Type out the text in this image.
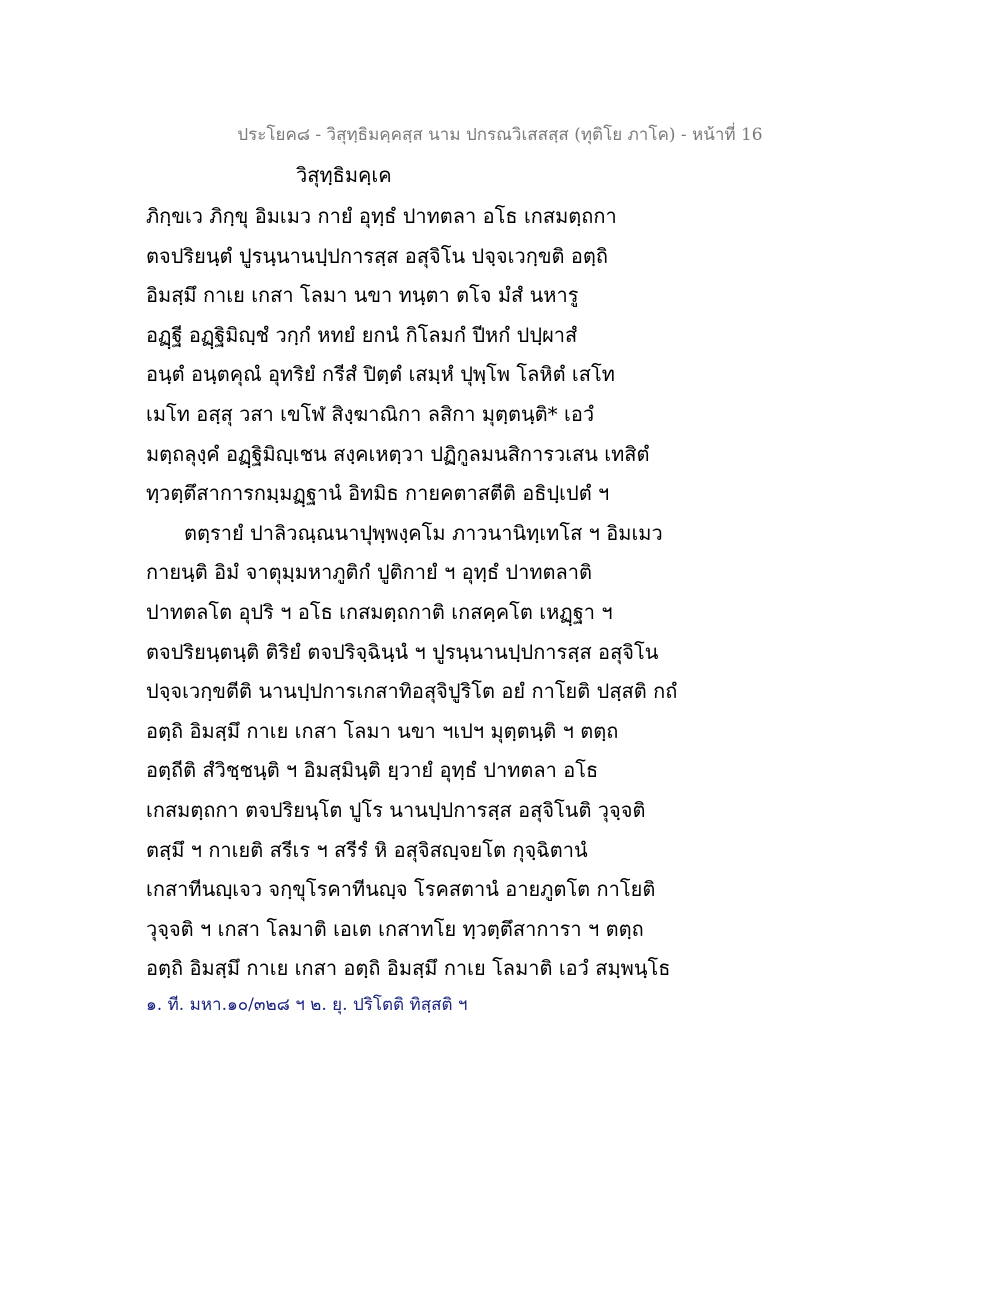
ประโยค๘ - วิสุทฺธิมคฺคสฺส นาม ปกรณวิเสสสฺส (ทุติโย ภาโค) - หน้าที่ 16
วิสุทฺธิมคฺเค
ภิกฺขเว ภิกฺขุ อิมเมว กายํ อุทฺธํ ปาทตลา อโธ เกสมตฺถกา
ตจปริยนฺตํ ปูรนฺนานปฺปการสฺส อสุจิโน ปจฺจเวกฺขติ อตฺถิ
อิมสฺมึ กาเย เกสา โลมา นขา ทนฺตา ตโจ มํสํ นหารู
อฏฺฐี อฏฺฐิมิญฺชํ วกฺกํ หทยํ ยกนํ กิโลมกํ ปีหกํ ปปฺผาสํ
อนฺตํ อนฺตคุณํ อุทริยํ กรีสํ ปิตฺตํ เสมฺหํ ปุพฺโพ โลหิตํ เสโท
เมโท อสฺสุ วสา เขโฬ สิงฺฆาณิกา ลสิกา มุตฺตนฺติ* เอวํ
มตฺถลุงฺคํ อฏฺฐิมิญฺเชน สงฺคเหตฺวา ปฏิกูลมนสิการวเสน เทสิตํ
ทฺวตฺตึสาการกมฺมฏฺฐานํ อิทมิธ กายคตาสตีติ อธิปฺเปตํ ฯ
ตตฺรายํ ปาลิวณฺณนาปุพฺพงฺคโม ภาวนานิทฺเทโส ฯ อิมเมว
กายนฺติ อิมํ จาตุมฺมหาภูติกํ ปูติกายํ ฯ อุทฺธํ ปาทตลาติ
ปาทตลโต อุปริ ฯ อโธ เกสมตฺถกาติ เกสคฺคโต เหฏฺฐา ฯ
ตจปริยนฺตนฺติ ติริยํ ตจปริจฺฉินฺนํ ฯ ปูรนฺนานปฺปการสฺส อสุจิโน
ปจฺจเวกฺขตีติ นานปฺปการเกสาทิอสุจิปูริโต อยํ กาโยติ ปสฺสติ กถํ
อตฺถิ อิมสฺมึ กาเย เกสา โลมา นขา ฯเปฯ มุตฺตนฺติ ฯ ตตฺถ
อตฺถีติ สํวิชฺชนฺติ ฯ อิมสฺมินฺติ ยฺวายํ อุทฺธํ ปาทตลา อโธ
เกสมตฺถกา ตจปริยนฺโต ปูโร นานปฺปการสฺส อสุจิโนติ วุจฺจติ
ตสฺมึ ฯ กาเยติ สรีเร ฯ สรีรํ หิ อสุจิสญฺจยโต กุจฺฉิตานํ
เกสาทีนญฺเจว จกฺขุโรคาทีนญฺจ โรคสตานํ อายภูตโต กาโยติ
วุจฺจติ ฯ เกสา โลมาติ เอเต เกสาทโย ทฺวตฺตึสาการา ฯ ตตฺถ
อตฺถิ อิมสฺมึ กาเย เกสา อตฺถิ อิมสฺมึ กาเย โลมาติ เอวํ สมฺพนฺโธ
๑. ที. มหา.๑๐/๓๒๘ ฯ ๒. ยุ. ปริโตติ ทิสฺสติ ฯ
